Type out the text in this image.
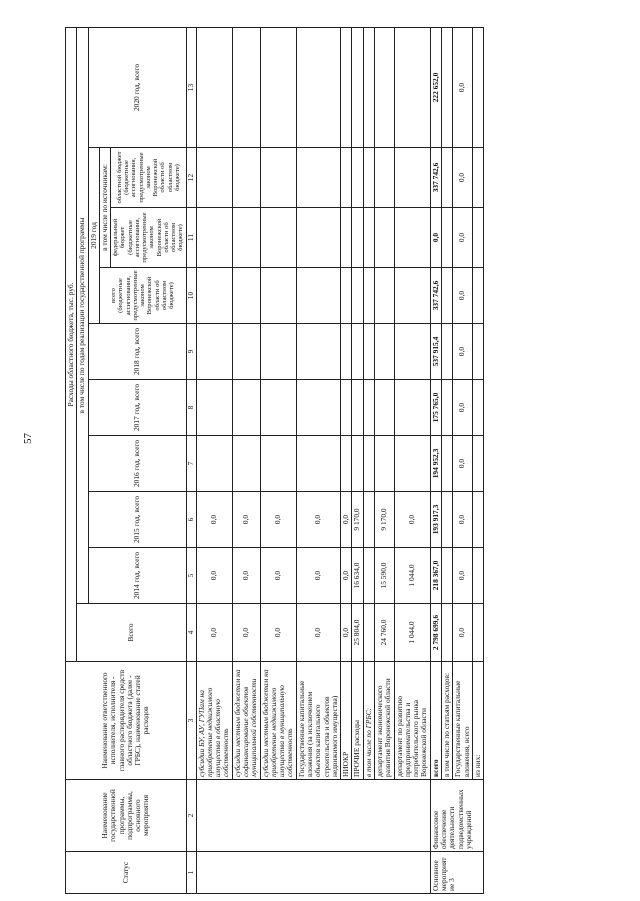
57
Статус	Наименование государственной программы, подпрограммы, основного мероприятия	Наименование ответственного исполнителя, исполнителя - главного распорядителя средств областного бюджета (далее - ГРБС), наименование статей расходов	Расходы областного бюджета, тыс. руб.									
			Всего	в том числе по годам реализации государственной программы								
				2014 год, всего	2015 год, всего	2016 год, всего	2017 год, всего	2018 год, всего	2019 год			2020 год, всего
									всего (бюджетные ассигнования, предусмотренные законом Воронежской области об областном бюджете)	в том числе по источникам:		
										федеральный бюджет (бюджетные ассигнования, предусмотренные законом Воронежской области об областном бюджете)	областной бюджет (бюджетные ассигнования, предусмотренные законом Воронежской области об областном бюджете)	
1	2	3	4	5	6	7	8	9	10	11	12	13
		субсидии БУ, АУ, ГУПам на приобретение недвижимого имущества в областную собственность	0,0	0,0	0,0							
		субсидии местным бюджетам на софинансирование объектов муниципальной собственности	0,0	0,0	0,0							
		субсидии местным бюджетам на приобретение недвижимого имущества в муниципальную собственность	0,0	0,0	0,0							
		Государственные капитальные вложения (за исключением объектов капитального строительства и объектов недвижимого имущества)	0,0	0,0	0,0							
		НИОКР	0,0	0,0	0,0							
		ПРОЧИЕ расходы	25 804,0	16 634,0	9 170,0							
		в том числе по ГРБС:										
		департамент экономического развития Воронежской области	24 760,0	15 590,0	9 170,0							
		департамент по развитию предпринимательства и потребительского рынка Воронежской области	1 044,0	1 044,0	0,0							
Основное мероприятие 3	Финансовое обеспечение деятельности подведомственных учреждений	всего	2 798 699,6	218 367,0	193 917,3	194 952,3	175 765,0	537 915,4	337 742,6	0,0	337 742,6	222 652,0
		в том числе по статьям расходов:										
		Государственные капитальные вложения, всего	0,0	0,0	0,0	0,0	0,0	0,0	0,0	0,0	0,0	0,0
		из них:										
